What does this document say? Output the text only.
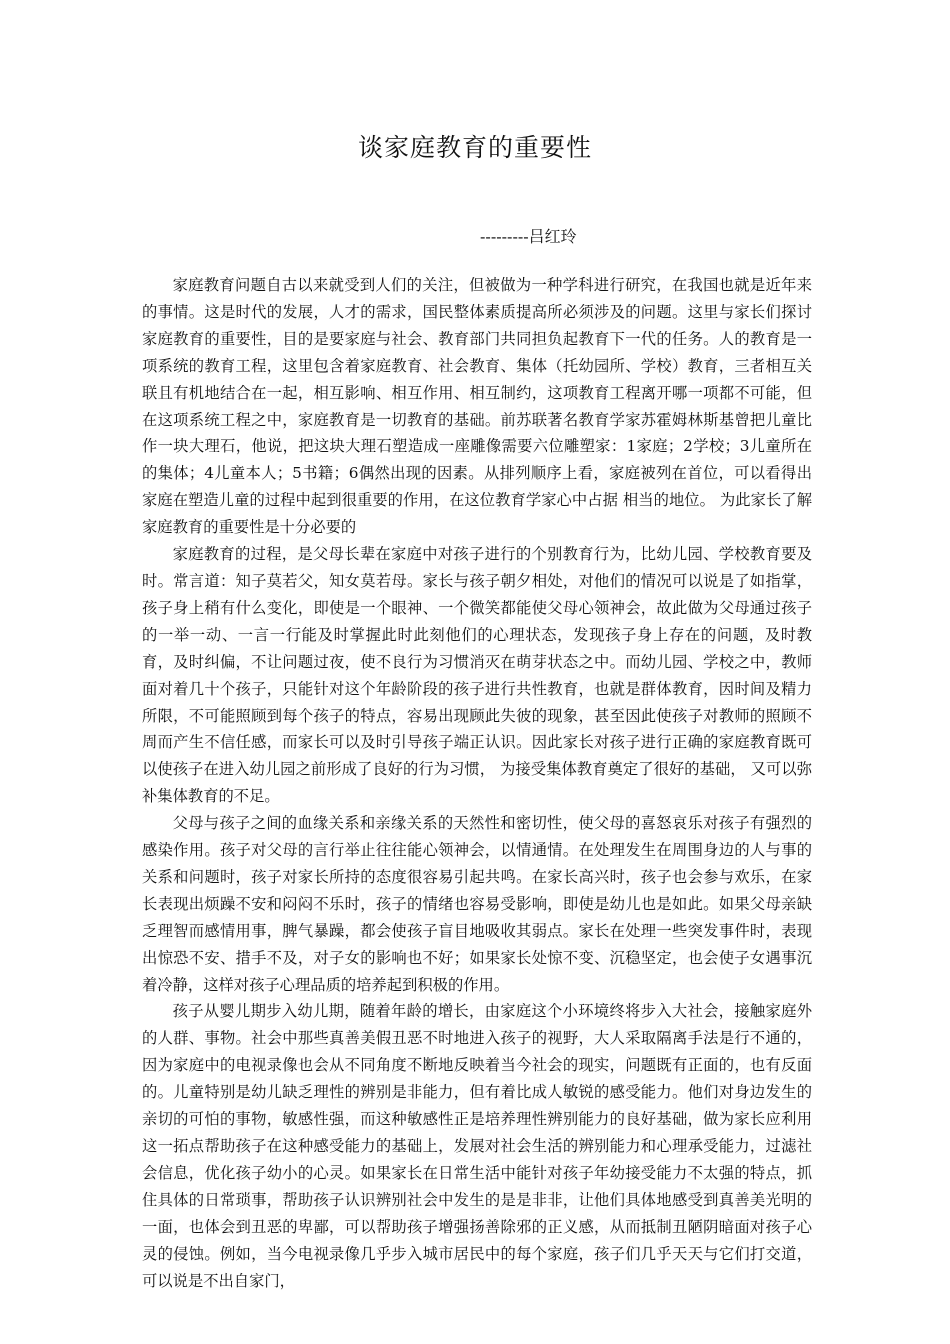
谈家庭教育的重要性
---------吕红玲

家庭教育问题自古以来就受到人们的关注，但被做为一种学科进行研究，在我国也就是近年来的事情。这是时代的发展，人才的需求，国民整体素质提高所必须涉及的问题。这里与家长们探讨家庭教育的重要性，目的是要家庭与社会、教育部门共同担负起教育下一代的任务。人的教育是一项系统的教育工程，这里包含着家庭教育、社会教育、集体（托幼园所、学校）教育，三者相互关联且有机地结合在一起，相互影响、相互作用、相互制约，这项教育工程离开哪一项都不可能，但在这项系统工程之中，家庭教育是一切教育的基础。前苏联著名教育学家苏霍姆林斯基曾把儿童比作一块大理石，他说，把这块大理石塑造成一座雕像需要六位雕塑家：1家庭；2学校；3儿童所在的集体；4儿童本人；5书籍；6偶然出现的因素。从排列顺序上看，家庭被列在首位，可以看得出家庭在塑造儿童的过程中起到很重要的作用，在这位教育学家心中占据 相当的地位。 为此家长了解家庭教育的重要性是十分必要的

家庭教育的过程，是父母长辈在家庭中对孩子进行的个别教育行为，比幼儿园、学校教育要及时。常言道：知子莫若父，知女莫若母。家长与孩子朝夕相处，对他们的情况可以说是了如指掌，孩子身上稍有什么变化，即使是一个眼神、一个微笑都能使父母心领神会，故此做为父母通过孩子的一举一动、一言一行能及时掌握此时此刻他们的心理状态，发现孩子身上存在的问题，及时教育，及时纠偏，不让问题过夜，使不良行为习惯消灭在萌芽状态之中。而幼儿园、学校之中，教师面对着几十个孩子，只能针对这个年龄阶段的孩子进行共性教育，也就是群体教育，因时间及精力所限，不可能照顾到每个孩子的特点，容易出现顾此失彼的现象，甚至因此使孩子对教师的照顾不周而产生不信任感，而家长可以及时引导孩子端正认识。因此家长对孩子进行正确的家庭教育既可以使孩子在进入幼儿园之前形成了良好的行为习惯， 为接受集体教育奠定了很好的基础， 又可以弥补集体教育的不足。

父母与孩子之间的血缘关系和亲缘关系的天然性和密切性，使父母的喜怒哀乐对孩子有强烈的感染作用。孩子对父母的言行举止往往能心领神会，以情通情。在处理发生在周围身边的人与事的关系和问题时，孩子对家长所持的态度很容易引起共鸣。在家长高兴时，孩子也会参与欢乐，在家长表现出烦躁不安和闷闷不乐时，孩子的情绪也容易受影响，即使是幼儿也是如此。如果父母亲缺乏理智而感情用事，脾气暴躁，都会使孩子盲目地吸收其弱点。家长在处理一些突发事件时，表现出惊恐不安、措手不及，对子女的影响也不好；如果家长处惊不变、沉稳坚定，也会使子女遇事沉着冷静，这样对孩子心理品质的培养起到积极的作用。

孩子从婴儿期步入幼儿期，随着年龄的增长，由家庭这个小环境终将步入大社会，接触家庭外的人群、事物。社会中那些真善美假丑恶不时地进入孩子的视野，大人采取隔离手法是行不通的，因为家庭中的电视录像也会从不同角度不断地反映着当今社会的现实，问题既有正面的，也有反面的。儿童特别是幼儿缺乏理性的辨别是非能力，但有着比成人敏锐的感受能力。他们对身边发生的亲切的可怕的事物，敏感性强，而这种敏感性正是培养理性辨别能力的良好基础，做为家长应利用这一拓点帮助孩子在这种感受能力的基础上，发展对社会生活的辨别能力和心理承受能力，过滤社会信息，优化孩子幼小的心灵。如果家长在日常生活中能针对孩子年幼接受能力不太强的特点，抓住具体的日常琐事，帮助孩子认识辨别社会中发生的是是非非，让他们具体地感受到真善美光明的一面，也体会到丑恶的卑鄙，可以帮助孩子增强扬善除邪的正义感，从而抵制丑陋阴暗面对孩子心灵的侵蚀。例如，当今电视录像几乎步入城市居民中的每个家庭，孩子们几乎天天与它们打交道，可以说是不出自家门，
